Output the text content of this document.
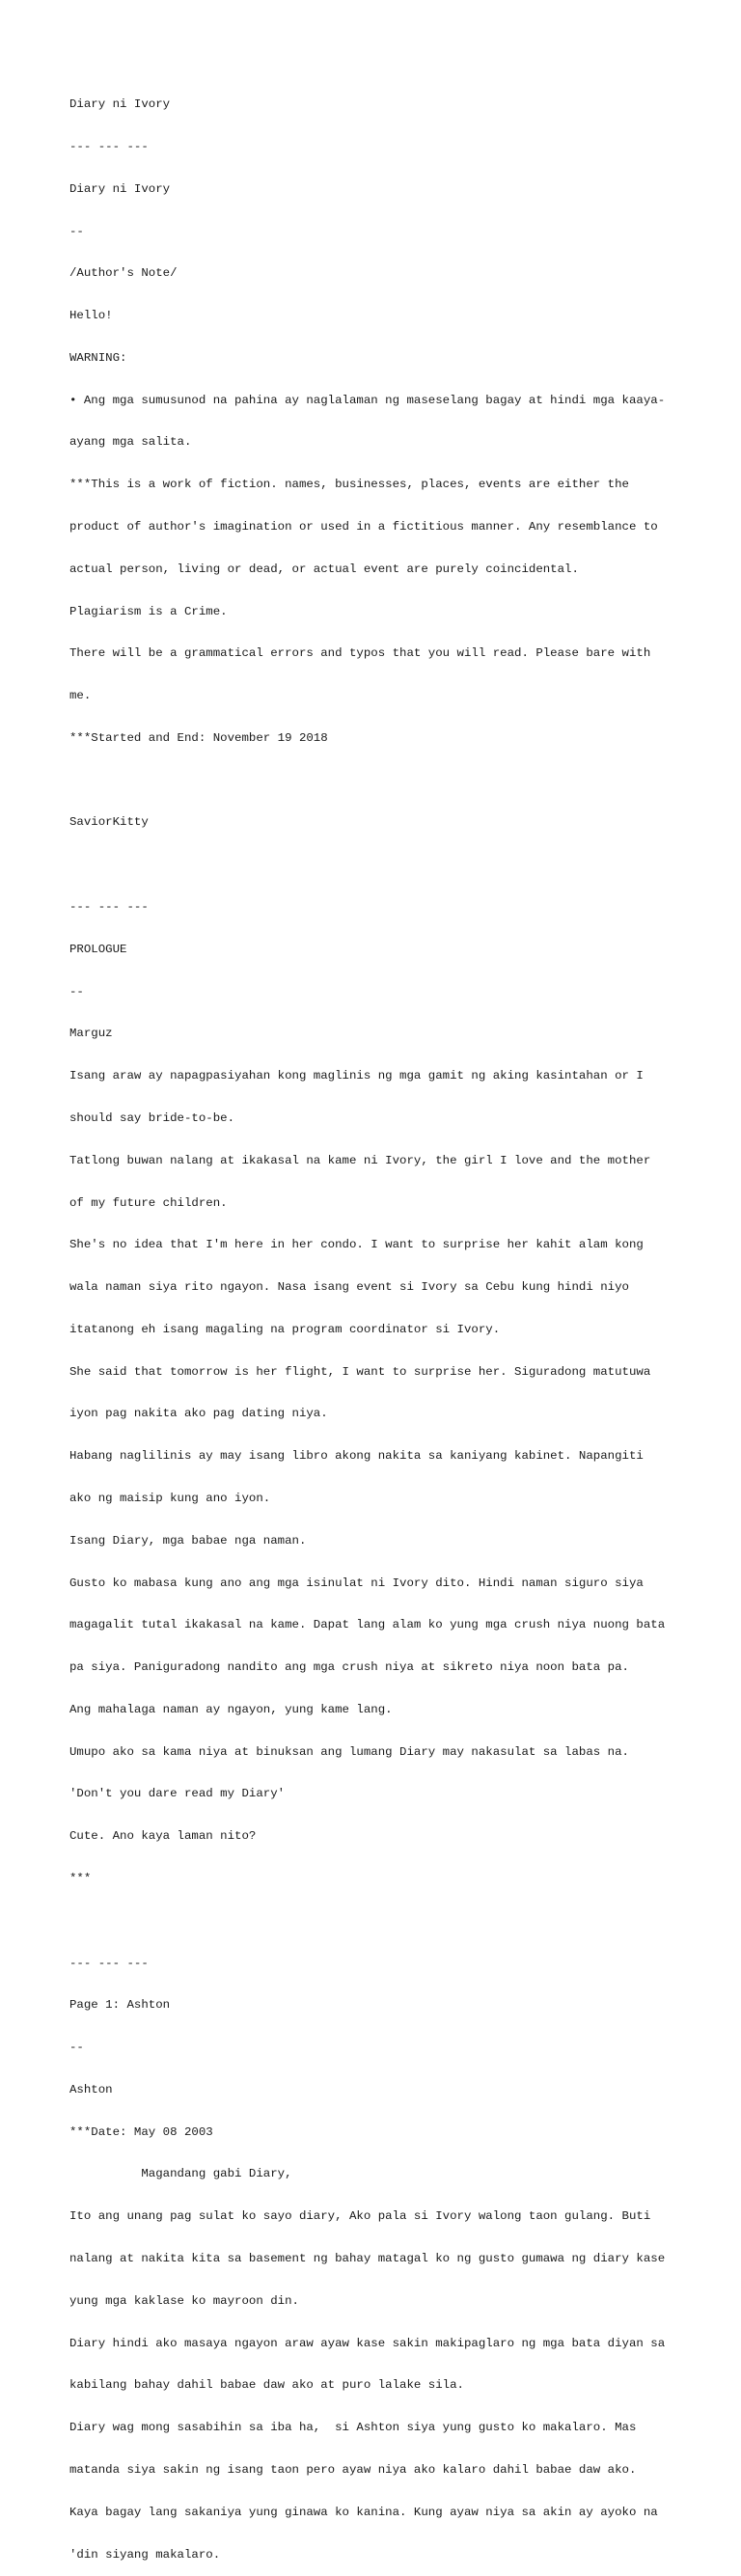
Diary ni Ivory

--- --- ---

Diary ni Ivory

--

/Author's Note/

Hello!

WARNING:

• Ang mga sumusunod na pahina ay naglalaman ng maseselang bagay at hindi mga kaaya-

ayang mga salita.

***This is a work of fiction. names, businesses, places, events are either the

product of author's imagination or used in a fictitious manner. Any resemblance to

actual person, living or dead, or actual event are purely coincidental.

Plagiarism is a Crime.

There will be a grammatical errors and typos that you will read. Please bare with

me.

***Started and End: November 19 2018

SaviorKitty

--- --- ---

PROLOGUE

--

Marguz

Isang araw ay napagpasiyahan kong maglinis ng mga gamit ng aking kasintahan or I

should say bride-to-be.

Tatlong buwan nalang at ikakasal na kame ni Ivory, the girl I love and the mother

of my future children.

She's no idea that I'm here in her condo. I want to surprise her kahit alam kong

wala naman siya rito ngayon. Nasa isang event si Ivory sa Cebu kung hindi niyo

itatanong eh isang magaling na program coordinator si Ivory.

She said that tomorrow is her flight, I want to surprise her. Siguradong matutuwa

iyon pag nakita ako pag dating niya.

Habang naglilinis ay may isang libro akong nakita sa kaniyang kabinet. Napangiti

ako ng maisip kung ano iyon.

Isang Diary, mga babae nga naman.

Gusto ko mabasa kung ano ang mga isinulat ni Ivory dito. Hindi naman siguro siya

magagalit tutal ikakasal na kame. Dapat lang alam ko yung mga crush niya nuong bata

pa siya. Paniguradong nandito ang mga crush niya at sikreto niya noon bata pa.

Ang mahalaga naman ay ngayon, yung kame lang.

Umupo ako sa kama niya at binuksan ang lumang Diary may nakasulat sa labas na.

'Don't you dare read my Diary'

Cute. Ano kaya laman nito?

***

--- --- ---

Page 1: Ashton

--

Ashton

***Date: May 08 2003

Magandang gabi Diary,

Ito ang unang pag sulat ko sayo diary, Ako pala si Ivory walong taon gulang. Buti

nalang at nakita kita sa basement ng bahay matagal ko ng gusto gumawa ng diary kase

yung mga kaklase ko mayroon din.

Diary hindi ako masaya ngayon araw ayaw kase sakin makipaglaro ng mga bata diyan sa

kabilang bahay dahil babae daw ako at puro lalake sila.

Diary wag mong sasabihin sa iba ha,  si Ashton siya yung gusto ko makalaro. Mas

matanda siya sakin ng isang taon pero ayaw niya ako kalaro dahil babae daw ako.

Kaya bagay lang sakaniya yung ginawa ko kanina. Kung ayaw niya sa akin ay ayoko na

'din siyang makalaro.
